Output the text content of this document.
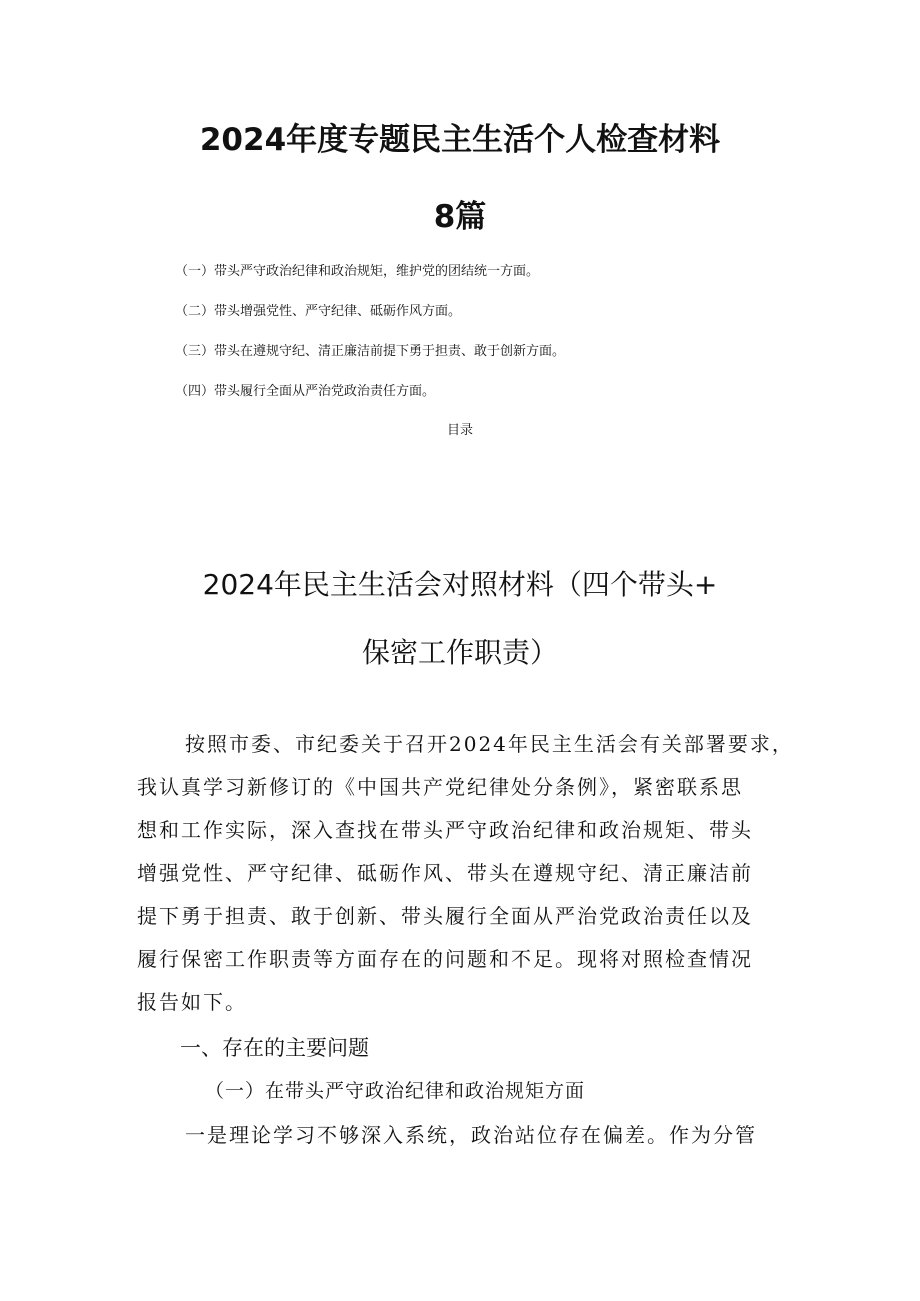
2024年度专题民主生活个人检查材料
8篇
（一）带头严守政治纪律和政治规矩，维护党的团结统一方面。
（二）带头增强党性、严守纪律、砥砺作风方面。
（三）带头在遵规守纪、清正廉洁前提下勇于担责、敢于创新方面。
（四）带头履行全面从严治党政治责任方面。
目录
2024年民主生活会对照材料（四个带头+
保密工作职责）
按照市委、市纪委关于召开2024年民主生活会有关部署要求，
我认真学习新修订的《中国共产党纪律处分条例》，紧密联系思
想和工作实际，深入查找在带头严守政治纪律和政治规矩、带头
增强党性、严守纪律、砥砺作风、带头在遵规守纪、清正廉洁前
提下勇于担责、敢于创新、带头履行全面从严治党政治责任以及
履行保密工作职责等方面存在的问题和不足。现将对照检查情况
报告如下。
一、存在的主要问题
（一）在带头严守政治纪律和政治规矩方面
一是理论学习不够深入系统，政治站位存在偏差。作为分管
